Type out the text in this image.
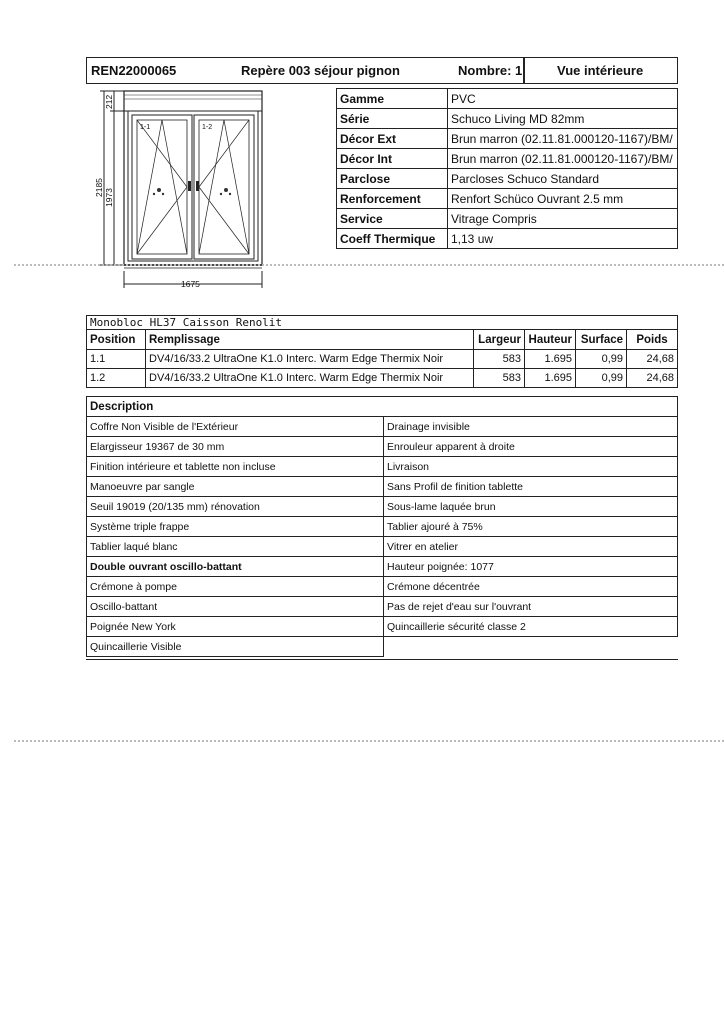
REN22000065	Repère 003 séjour pignon	Nombre: 1	Vue intérieure
212
2185
1973
1675
1-1	1-2
Gamme	PVC
Série	Schuco Living MD 82mm
Décor Ext	Brun marron (02.11.81.000120-1167)/BM/
Décor Int	Brun marron (02.11.81.000120-1167)/BM/
Parclose	Parcloses Schuco Standard
Renforcement	Renfort Schüco Ouvrant 2.5 mm
Service	Vitrage Compris
Coeff Thermique	1,13 uw
Monobloc HL37 Caisson Renolit					
Position	Remplissage	Largeur	Hauteur	Surface	Poids
1.1	DV4/16/33.2 UltraOne K1.0 Interc. Warm Edge Thermix Noir	583	1.695	0,99	24,68
1.2	DV4/16/33.2 UltraOne K1.0 Interc. Warm Edge Thermix Noir	583	1.695	0,99	24,68
Description	
Coffre Non Visible de l'Extérieur	Drainage invisible
Elargisseur 19367 de 30 mm	Enrouleur apparent à droite
Finition intérieure et tablette non incluse	Livraison
Manoeuvre par sangle	Sans Profil de finition tablette
Seuil 19019 (20/135 mm) rénovation	Sous-lame laquée brun
Système triple frappe	Tablier ajouré à 75%
Tablier laqué blanc	Vitrer en atelier
Double ouvrant oscillo-battant	Hauteur poignée: 1077
Crémone à pompe	Crémone décentrée
Oscillo-battant	Pas de rejet d'eau sur l'ouvrant
Poignée New York	Quincaillerie sécurité classe 2
Quincaillerie Visible	
